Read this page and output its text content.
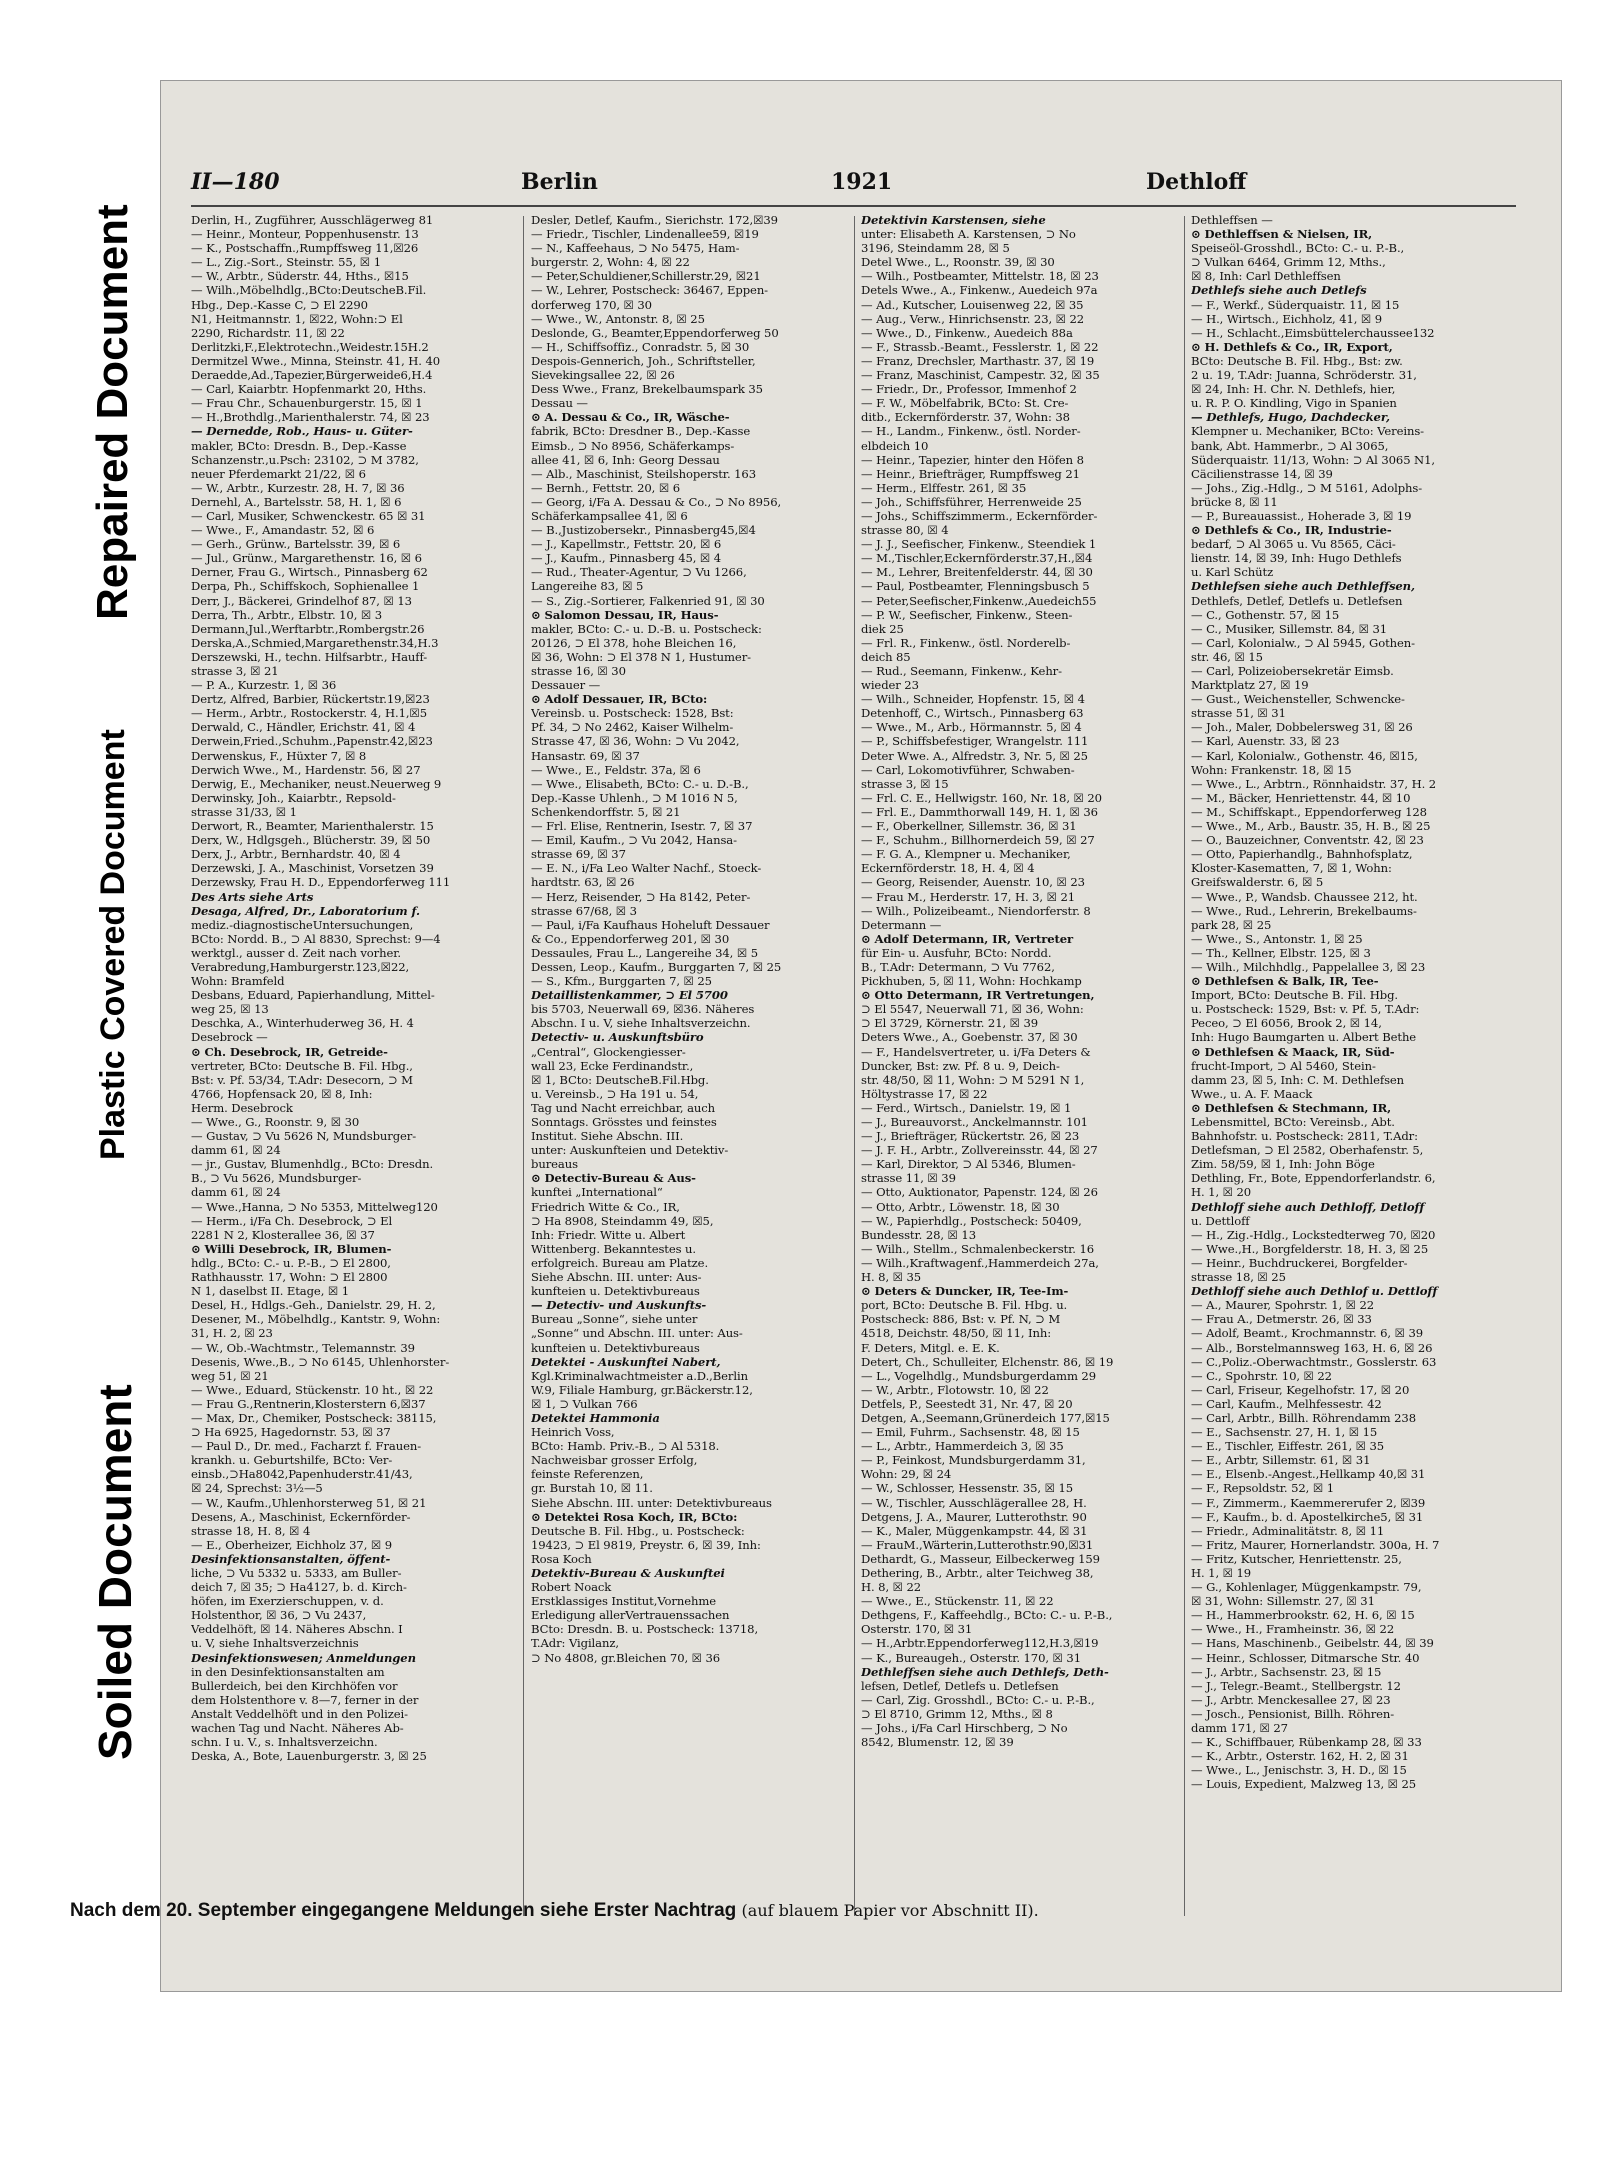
Repaired Document
Plastic Covered Document
Soiled Document
II—180	Berlin	1921	Dethloff
Derlin, H., Zugführer, Ausschlägerweg 81
— Heinr., Monteur, Poppenhusenstr. 13
— K., Postschaffn.,Rumpffsweg 11,☒26
— L., Zig.-Sort., Steinstr. 55, ☒ 1
— W., Arbtr., Süderstr. 44, Hths., ☒15
— Wilh.,Möbelhdlg.,BCto:DeutscheB.Fil.
Hbg., Dep.-Kasse C, ⊃ El 2290
N1, Heitmannstr. 1, ☒22, Wohn:⊃ El
2290, Richardstr. 11, ☒ 22
Derlitzki,F.,Elektrotechn.,Weidestr.15H.2
Dermitzel Wwe., Minna, Steinstr. 41, H. 40
Deraedde,Ad.,Tapezier,Bürgerweide6,H.4
— Carl, Kaiarbtr. Hopfenmarkt 20, Hths.
— Frau Chr., Schauenburgerstr. 15, ☒ 1
— H.,Brothdlg.,Marienthalerstr. 74, ☒ 23
— Dernedde, Rob., Haus- u. Güter-
makler, BCto: Dresdn. B., Dep.-Kasse
Schanzenstr.,u.Psch: 23102, ⊃ M 3782,
neuer Pferdemarkt 21/22, ☒ 6
— W., Arbtr., Kurzestr. 28, H. 7, ☒ 36
Dernehl, A., Bartelsstr. 58, H. 1, ☒ 6
— Carl, Musiker, Schwenckestr. 65 ☒ 31
— Wwe., F., Amandastr. 52, ☒ 6
— Gerh., Grünw., Bartelsstr. 39, ☒ 6
— Jul., Grünw., Margarethenstr. 16, ☒ 6
Derner, Frau G., Wirtsch., Pinnasberg 62
Derpa, Ph., Schiffskoch, Sophienallee 1
Derr, J., Bäckerei, Grindelhof 87, ☒ 13
Derra, Th., Arbtr., Elbstr. 10, ☒ 3
Dermann,Jul.,Werftarbtr.,Rombergstr.26
Derska,A.,Schmied,Margarethenstr.34,H.3
Derszewski, H., techn. Hilfsarbtr., Hauff-
strasse 3, ☒ 21
— P. A., Kurzestr. 1, ☒ 36
Dertz, Alfred, Barbier, Rückertstr.19,☒23
— Herm., Arbtr., Rostockerstr. 4, H.1,☒5
Derwald, C., Händler, Erichstr. 41, ☒ 4
Derwein,Fried.,Schuhm.,Papenstr.42,☒23
Derwenskus, F., Hüxter 7, ☒ 8
Derwich Wwe., M., Hardenstr. 56, ☒ 27
Derwig, E., Mechaniker, neust.Neuerweg 9
Derwinsky, Joh., Kaiarbtr., Repsold-
strasse 31/33, ☒ 1
Derwort, R., Beamter, Marienthalerstr. 15
Derx, W., Hdlgsgeh., Blücherstr. 39, ☒ 50
Derx, J., Arbtr., Bernhardstr. 40, ☒ 4
Derzewski, J. A., Maschinist, Vorsetzen 39
Derzewsky, Frau H. D., Eppendorferweg 111
Des Arts siehe Arts
Desaga, Alfred, Dr., Laboratorium f.
mediz.-diagnostischeUntersuchungen,
BCto: Nordd. B., ⊃ Al 8830, Sprechst: 9—4
werktgl., ausser d. Zeit nach vorher.
Verabredung,Hamburgerstr.123,☒22,
Wohn: Bramfeld
Desbans, Eduard, Papierhandlung, Mittel-
weg 25, ☒ 13
Deschka, A., Winterhuderweg 36, H. 4
Desebrock —
⊙ Ch. Desebrock, IR, Getreide-
vertreter, BCto: Deutsche B. Fil. Hbg.,
Bst: v. Pf. 53/34, T.Adr: Desecorn, ⊃ M
4766, Hopfensack 20, ☒ 8, Inh:
Herm. Desebrock
— Wwe., G., Roonstr. 9, ☒ 30
— Gustav, ⊃ Vu 5626 N, Mundsburger-
damm 61, ☒ 24
— jr., Gustav, Blumenhdlg., BCto: Dresdn.
B., ⊃ Vu 5626, Mundsburger-
damm 61, ☒ 24
— Wwe.,Hanna, ⊃ No 5353, Mittelweg120
— Herm., i/Fa Ch. Desebrock, ⊃ El
2281 N 2, Klosterallee 36, ☒ 37
⊙ Willi Desebrock, IR, Blumen-
hdlg., BCto: C.- u. P.-B., ⊃ El 2800,
Rathhausstr. 17, Wohn: ⊃ El 2800
N 1, daselbst II. Etage, ☒ 1
Desel, H., Hdlgs.-Geh., Danielstr. 29, H. 2,
Desener, M., Möbelhdlg., Kantstr. 9, Wohn:
31, H. 2, ☒ 23
— W., Ob.-Wachtmstr., Telemannstr. 39
Desenis, Wwe.,B., ⊃ No 6145, Uhlenhorster-
weg 51, ☒ 21
— Wwe., Eduard, Stückenstr. 10 ht., ☒ 22
— Frau G.,Rentnerin,Klosterstern 6,☒37
— Max, Dr., Chemiker, Postscheck: 38115,
⊃ Ha 6925, Hagedornstr. 53, ☒ 37
— Paul D., Dr. med., Facharzt f. Frauen-
krankh. u. Geburtshilfe, BCto: Ver-
einsb.,⊃Ha8042,Papenhuderstr.41/43,
☒ 24, Sprechst: 3½—5
— W., Kaufm.,Uhlenhorsterweg 51, ☒ 21
Desens, A., Maschinist, Eckernförder-
strasse 18, H. 8, ☒ 4
— E., Oberheizer, Eichholz 37, ☒ 9
Desinfektionsanstalten, öffent-
liche, ⊃ Vu 5332 u. 5333, am Buller-
deich 7, ☒ 35; ⊃ Ha4127, b. d. Kirch-
höfen, im Exerzierschuppen, v. d.
Holstenthor, ☒ 36, ⊃ Vu 2437,
Veddelhöft, ☒ 14. Näheres Abschn. I
u. V, siehe Inhaltsverzeichnis
Desinfektionswesen; Anmeldungen
in den Desinfektionsanstalten am
Bullerdeich, bei den Kirchhöfen vor
dem Holstenthore v. 8—7, ferner in der
Anstalt Veddelhöft und in den Polizei-
wachen Tag und Nacht. Näheres Ab-
schn. I u. V., s. Inhaltsverzeichn.
Deska, A., Bote, Lauenburgerstr. 3, ☒ 25
Desler, Detlef, Kaufm., Sierichstr. 172,☒39
— Friedr., Tischler, Lindenallee59, ☒19
— N., Kaffeehaus, ⊃ No 5475, Ham-
burgerstr. 2, Wohn: 4, ☒ 22
— Peter,Schuldiener,Schillerstr.29, ☒21
— W., Lehrer, Postscheck: 36467, Eppen-
dorferweg 170, ☒ 30
— Wwe., W., Antonstr. 8, ☒ 25
Deslonde, G., Beamter,Eppendorferweg 50
— H., Schiffsoffiz., Conradstr. 5, ☒ 30
Despois-Gennerich, Joh., Schriftsteller,
Sievekingsallee 22, ☒ 26
Dess Wwe., Franz, Brekelbaumspark 35
Dessau —
⊙ A. Dessau & Co., IR, Wäsche-
fabrik, BCto: Dresdner B., Dep.-Kasse
Eimsb., ⊃ No 8956, Schäferkamps-
allee 41, ☒ 6, Inh: Georg Dessau
— Alb., Maschinist, Steilshoperstr. 163
— Bernh., Fettstr. 20, ☒ 6
— Georg, i/Fa A. Dessau & Co., ⊃ No 8956,
Schäferkampsallee 41, ☒ 6
— B.,Justizobersekr., Pinnasberg45,☒4
— J., Kapellmstr., Fettstr. 20, ☒ 6
— J., Kaufm., Pinnasberg 45, ☒ 4
— Rud., Theater-Agentur, ⊃ Vu 1266,
Langereihe 83, ☒ 5
— S., Zig.-Sortierer, Falkenried 91, ☒ 30
⊙ Salomon Dessau, IR, Haus-
makler, BCto: C.- u. D.-B. u. Postscheck:
20126, ⊃ El 378, hohe Bleichen 16,
☒ 36, Wohn: ⊃ El 378 N 1, Hustumer-
strasse 16, ☒ 30
Dessauer —
⊙ Adolf Dessauer, IR, BCto:
Vereinsb. u. Postscheck: 1528, Bst:
Pf. 34, ⊃ No 2462, Kaiser Wilhelm-
Strasse 47, ☒ 36, Wohn: ⊃ Vu 2042,
Hansastr. 69, ☒ 37
— Wwe., E., Feldstr. 37a, ☒ 6
— Wwe., Elisabeth, BCto: C.- u. D.-B.,
Dep.-Kasse Uhlenh., ⊃ M 1016 N 5,
Schenkendorffstr. 5, ☒ 21
— Frl. Elise, Rentnerin, Isestr. 7, ☒ 37
— Emil, Kaufm., ⊃ Vu 2042, Hansa-
strasse 69, ☒ 37
— E. N., i/Fa Leo Walter Nachf., Stoeck-
hardtstr. 63, ☒ 26
— Herz, Reisender, ⊃ Ha 8142, Peter-
strasse 67/68, ☒ 3
— Paul, i/Fa Kaufhaus Hoheluft Dessauer
& Co., Eppendorferweg 201, ☒ 30
Dessaules, Frau L., Langereihe 34, ☒ 5
Dessen, Leop., Kaufm., Burggarten 7, ☒ 25
— S., Kfm., Burggarten 7, ☒ 25
Detaillistenkammer, ⊃ El 5700
bis 5703, Neuerwall 69, ☒36. Näheres
Abschn. I u. V, siehe Inhaltsverzeichn.
Detectiv- u. Auskunftsbüro
„Central“, Glockengiesser-
wall 23, Ecke Ferdinandstr.,
☒ 1, BCto: DeutscheB.Fil.Hbg.
u. Vereinsb., ⊃ Ha 191 u. 54,
Tag und Nacht erreichbar, auch
Sonntags. Grösstes und feinstes
Institut. Siehe Abschn. III.
unter: Auskunfteien und Detektiv-
bureaus
⊙ Detectiv-Bureau & Aus-
kunftei „International“
Friedrich Witte & Co., IR,
⊃ Ha 8908, Steindamm 49, ☒5,
Inh: Friedr. Witte u. Albert
Wittenberg. Bekanntestes u.
erfolgreich. Bureau am Platze.
Siehe Abschn. III. unter: Aus-
kunfteien u. Detektivbureaus
— Detectiv- und Auskunfts-
Bureau „Sonne“, siehe unter
„Sonne“ und Abschn. III. unter: Aus-
kunfteien u. Detektivbureaus
Detektei - Auskunftei Nabert,
Kgl.Kriminalwachtmeister a.D.,Berlin
W.9, Filiale Hamburg, gr.Bäckerstr.12,
☒ 1, ⊃ Vulkan 766
Detektei Hammonia
Heinrich Voss,
BCto: Hamb. Priv.-B., ⊃ Al 5318.
Nachweisbar grosser Erfolg,
feinste Referenzen,
gr. Burstah 10, ☒ 11.
Siehe Abschn. III. unter: Detektivbureaus
⊙ Detektei Rosa Koch, IR, BCto:
Deutsche B. Fil. Hbg., u. Postscheck:
19423, ⊃ El 9819, Preystr. 6, ☒ 39, Inh:
Rosa Koch
Detektiv-Bureau & Auskunftei
Robert Noack
Erstklassiges Institut,Vornehme
Erledigung allerVertrauenssachen
BCto: Dresdn. B. u. Postscheck: 13718,
T.Adr: Vigilanz,
⊃ No 4808, gr.Bleichen 70, ☒ 36
Detektivin Karstensen, siehe
unter: Elisabeth A. Karstensen, ⊃ No
3196, Steindamm 28, ☒ 5
Detel Wwe., L., Roonstr. 39, ☒ 30
— Wilh., Postbeamter, Mittelstr. 18, ☒ 23
Detels Wwe., A., Finkenw., Auedeich 97a
— Ad., Kutscher, Louisenweg 22, ☒ 35
— Aug., Verw., Hinrichsenstr. 23, ☒ 22
— Wwe., D., Finkenw., Auedeich 88a
— F., Strassb.-Beamt., Fesslerstr. 1, ☒ 22
— Franz, Drechsler, Marthastr. 37, ☒ 19
— Franz, Maschinist, Campestr. 32, ☒ 35
— Friedr., Dr., Professor, Immenhof 2
— F. W., Möbelfabrik, BCto: St. Cre-
ditb., Eckernförderstr. 37, Wohn: 38
— H., Landm., Finkenw., östl. Norder-
elbdeich 10
— Heinr., Tapezier, hinter den Höfen 8
— Heinr., Briefträger, Rumpffsweg 21
— Herm., Elffestr. 261, ☒ 35
— Joh., Schiffsführer, Herrenweide 25
— Johs., Schiffszimmerm., Eckernförder-
strasse 80, ☒ 4
— J. J., Seefischer, Finkenw., Steendiek 1
— M.,Tischler,Eckernförderstr.37,H.,☒4
— M., Lehrer, Breitenfelderstr. 44, ☒ 30
— Paul, Postbeamter, Flenningsbusch 5
— Peter,Seefischer,Finkenw.,Auedeich55
— P. W., Seefischer, Finkenw., Steen-
diek 25
— Frl. R., Finkenw., östl. Norderelb-
deich 85
— Rud., Seemann, Finkenw., Kehr-
wieder 23
— Wilh., Schneider, Hopfenstr. 15, ☒ 4
Detenhoff, C., Wirtsch., Pinnasberg 63
— Wwe., M., Arb., Hörmannstr. 5, ☒ 4
— P., Schiffsbefestiger, Wrangelstr. 111
Deter Wwe. A., Alfredstr. 3, Nr. 5, ☒ 25
— Carl, Lokomotivführer, Schwaben-
strasse 3, ☒ 15
— Frl. C. E., Hellwigstr. 160, Nr. 18, ☒ 20
— Frl. E., Dammthorwall 149, H. 1, ☒ 36
— F., Oberkellner, Sillemstr. 36, ☒ 31
— F., Schuhm., Billhornerdeich 59, ☒ 27
— F. G. A., Klempner u. Mechaniker,
Eckernförderstr. 18, H. 4, ☒ 4
— Georg, Reisender, Auenstr. 10, ☒ 23
— Frau M., Herderstr. 17, H. 3, ☒ 21
— Wilh., Polizeibeamt., Niendorferstr. 8
Determann —
⊙ Adolf Determann, IR, Vertreter
für Ein- u. Ausfuhr, BCto: Nordd.
B., T.Adr: Determann, ⊃ Vu 7762,
Pickhuben, 5, ☒ 11, Wohn: Hochkamp
⊙ Otto Determann, IR Vertretungen,
⊃ El 5547, Neuerwall 71, ☒ 36, Wohn:
⊃ El 3729, Körnerstr. 21, ☒ 39
Deters Wwe., A., Goebenstr. 37, ☒ 30
— F., Handelsvertreter, u. i/Fa Deters &
Duncker, Bst: zw. Pf. 8 u. 9, Deich-
str. 48/50, ☒ 11, Wohn: ⊃ M 5291 N 1,
Höltystrasse 17, ☒ 22
— Ferd., Wirtsch., Danielstr. 19, ☒ 1
— J., Bureauvorst., Anckelmannstr. 101
— J., Briefträger, Rückertstr. 26, ☒ 23
— J. F. H., Arbtr., Zollvereinsstr. 44, ☒ 27
— Karl, Direktor, ⊃ Al 5346, Blumen-
strasse 11, ☒ 39
— Otto, Auktionator, Papenstr. 124, ☒ 26
— Otto, Arbtr., Löwenstr. 18, ☒ 30
— W., Papierhdlg., Postscheck: 50409,
Bundesstr. 28, ☒ 13
— Wilh., Stellm., Schmalenbeckerstr. 16
— Wilh.,Kraftwagenf.,Hammerdeich 27a,
H. 8, ☒ 35
⊙ Deters & Duncker, IR, Tee-Im-
port, BCto: Deutsche B. Fil. Hbg. u.
Postscheck: 886, Bst: v. Pf. N, ⊃ M
4518, Deichstr. 48/50, ☒ 11, Inh:
F. Deters, Mitgl. e. E. K.
Detert, Ch., Schulleiter, Elchenstr. 86, ☒ 19
— L., Vogelhdlg., Mundsburgerdamm 29
— W., Arbtr., Flotowstr. 10, ☒ 22
Detfels, P., Seestedt 31, Nr. 47, ☒ 20
Detgen, A.,Seemann,Grünerdeich 177,☒15
— Emil, Fuhrm., Sachsenstr. 48, ☒ 15
— L., Arbtr., Hammerdeich 3, ☒ 35
— P., Feinkost, Mundsburgerdamm 31,
Wohn: 29, ☒ 24
— W., Schlosser, Hessenstr. 35, ☒ 15
— W., Tischler, Ausschlägerallee 28, H.
Detgens, J. A., Maurer, Lutterothstr. 90
— K., Maler, Müggenkampstr. 44, ☒ 31
— FrauM.,Wärterin,Lutterothstr.90,☒31
Dethardt, G., Masseur, Eilbeckerweg 159
Dethering, B., Arbtr., alter Teichweg 38,
H. 8, ☒ 22
— Wwe., E., Stückenstr. 11, ☒ 22
Dethgens, F., Kaffeehdlg., BCto: C.- u. P.-B.,
Osterstr. 170, ☒ 31
— H.,Arbtr.Eppendorferweg112,H.3,☒19
— K., Bureaugeh., Osterstr. 170, ☒ 31
Dethleffsen siehe auch Dethlefs, Deth-
lefsen, Detlef, Detlefs u. Detlefsen
— Carl, Zig. Grosshdl., BCto: C.- u. P.-B.,
⊃ El 8710, Grimm 12, Mths., ☒ 8
— Johs., i/Fa Carl Hirschberg, ⊃ No
8542, Blumenstr. 12, ☒ 39
Dethleffsen —
⊙ Dethleffsen & Nielsen, IR,
Speiseöl-Grosshdl., BCto: C.- u. P.-B.,
⊃ Vulkan 6464, Grimm 12, Mths.,
☒ 8, Inh: Carl Dethleffsen
Dethlefs siehe auch Detlefs
— F., Werkf., Süderquaistr. 11, ☒ 15
— H., Wirtsch., Eichholz, 41, ☒ 9
— H., Schlacht.,Eimsbüttelerchaussee132
⊙ H. Dethlefs & Co., IR, Export,
BCto: Deutsche B. Fil. Hbg., Bst: zw.
2 u. 19, T.Adr: Juanna, Schröderstr. 31,
☒ 24, Inh: H. Chr. N. Dethlefs, hier,
u. R. P. O. Kindling, Vigo in Spanien
— Dethlefs, Hugo, Dachdecker,
Klempner u. Mechaniker, BCto: Vereins-
bank, Abt. Hammerbr., ⊃ Al 3065,
Süderquaistr. 11/13, Wohn: ⊃ Al 3065 N1,
Cäcilienstrasse 14, ☒ 39
— Johs., Zig.-Hdlg., ⊃ M 5161, Adolphs-
brücke 8, ☒ 11
— P., Bureauassist., Hoherade 3, ☒ 19
⊙ Dethlefs & Co., IR, Industrie-
bedarf, ⊃ Al 3065 u. Vu 8565, Cäci-
lienstr. 14, ☒ 39, Inh: Hugo Dethlefs
u. Karl Schütz
Dethlefsen siehe auch Dethleffsen,
Dethlefs, Detlef, Detlefs u. Detlefsen
— C., Gothenstr. 57, ☒ 15
— C., Musiker, Sillemstr. 84, ☒ 31
— Carl, Kolonialw., ⊃ Al 5945, Gothen-
str. 46, ☒ 15
— Carl, Polizeiobersekretär Eimsb.
Marktplatz 27, ☒ 19
— Gust., Weichensteller, Schwencke-
strasse 51, ☒ 31
— Joh., Maler, Dobbelersweg 31, ☒ 26
— Karl, Auenstr. 33, ☒ 23
— Karl, Kolonialw., Gothenstr. 46, ☒15,
Wohn: Frankenstr. 18, ☒ 15
— Wwe., L., Arbtrn., Rönnhaidstr. 37, H. 2
— M., Bäcker, Henriettenstr. 44, ☒ 10
— M., Schiffskapt., Eppendorferweg 128
— Wwe., M., Arb., Baustr. 35, H. B., ☒ 25
— O., Bauzeichner, Conventstr. 42, ☒ 23
— Otto, Papierhandlg., Bahnhofsplatz,
Kloster-Kasematten, 7, ☒ 1, Wohn:
Greifswalderstr. 6, ☒ 5
— Wwe., P., Wandsb. Chaussee 212, ht.
— Wwe., Rud., Lehrerin, Brekelbaums-
park 28, ☒ 25
— Wwe., S., Antonstr. 1, ☒ 25
— Th., Kellner, Elbstr. 125, ☒ 3
— Wilh., Milchhdlg., Pappelallee 3, ☒ 23
⊙ Dethlefsen & Balk, IR, Tee-
Import, BCto: Deutsche B. Fil. Hbg.
u. Postscheck: 1529, Bst: v. Pf. 5, T.Adr:
Peceo, ⊃ El 6056, Brook 2, ☒ 14,
Inh: Hugo Baumgarten u. Albert Bethe
⊙ Dethlefsen & Maack, IR, Süd-
frucht-Import, ⊃ Al 5460, Stein-
damm 23, ☒ 5, Inh: C. M. Dethlefsen
Wwe., u. A. F. Maack
⊙ Dethlefsen & Stechmann, IR,
Lebensmittel, BCto: Vereinsb., Abt.
Bahnhofstr. u. Postscheck: 2811, T.Adr:
Detlefsman, ⊃ El 2582, Oberhafenstr. 5,
Zim. 58/59, ☒ 1, Inh: John Böge
Dethling, Fr., Bote, Eppendorferlandstr. 6,
H. 1, ☒ 20
Dethloff siehe auch Dethloff, Detloff
u. Dettloff
— H., Zig.-Hdlg., Lockstedterweg 70, ☒20
— Wwe.,H., Borgfelderstr. 18, H. 3, ☒ 25
— Heinr., Buchdruckerei, Borgfelder-
strasse 18, ☒ 25
Dethloff siehe auch Dethlof u. Dettloff
— A., Maurer, Spohrstr. 1, ☒ 22
— Frau A., Detmerstr. 26, ☒ 33
— Adolf, Beamt., Krochmannstr. 6, ☒ 39
— Alb., Borstelmannsweg 163, H. 6, ☒ 26
— C.,Poliz.-Oberwachtmstr., Gosslerstr. 63
— C., Spohrstr. 10, ☒ 22
— Carl, Friseur, Kegelhofstr. 17, ☒ 20
— Carl, Kaufm., Melhfessestr. 42
— Carl, Arbtr., Billh. Röhrendamm 238
— E., Sachsenstr. 27, H. 1, ☒ 15
— E., Tischler, Eiffestr. 261, ☒ 35
— E., Arbtr, Sillemstr. 61, ☒ 31
— E., Elsenb.-Angest.,Hellkamp 40,☒ 31
— F., Repsoldstr. 52, ☒ 1
— F., Zimmerm., Kaemmererufer 2, ☒39
— F., Kaufm., b. d. Apostelkirche5, ☒ 31
— Friedr., Adminalitätstr. 8, ☒ 11
— Fritz, Maurer, Hornerlandstr. 300a, H. 7
— Fritz, Kutscher, Henriettenstr. 25,
H. 1, ☒ 19
— G., Kohlenlager, Müggenkampstr. 79,
☒ 31, Wohn: Sillemstr. 27, ☒ 31
— H., Hammerbrookstr. 62, H. 6, ☒ 15
— Wwe., H., Framheinstr. 36, ☒ 22
— Hans, Maschinenb., Geibelstr. 44, ☒ 39
— Heinr., Schlosser, Ditmarsche Str. 40
— J., Arbtr., Sachsenstr. 23, ☒ 15
— J., Telegr.-Beamt., Stellbergstr. 12
— J., Arbtr. Menckesallee 27, ☒ 23
— Josch., Pensionist, Billh. Röhren-
damm 171, ☒ 27
— K., Schiffbauer, Rübenkamp 28, ☒ 33
— K., Arbtr., Osterstr. 162, H. 2, ☒ 31
— Wwe., L., Jenischstr. 3, H. D., ☒ 15
— Louis, Expedient, Malzweg 13, ☒ 25
Nach dem 20. September eingegangene Meldungen siehe Erster Nachtrag (auf blauem Papier vor Abschnitt II).
